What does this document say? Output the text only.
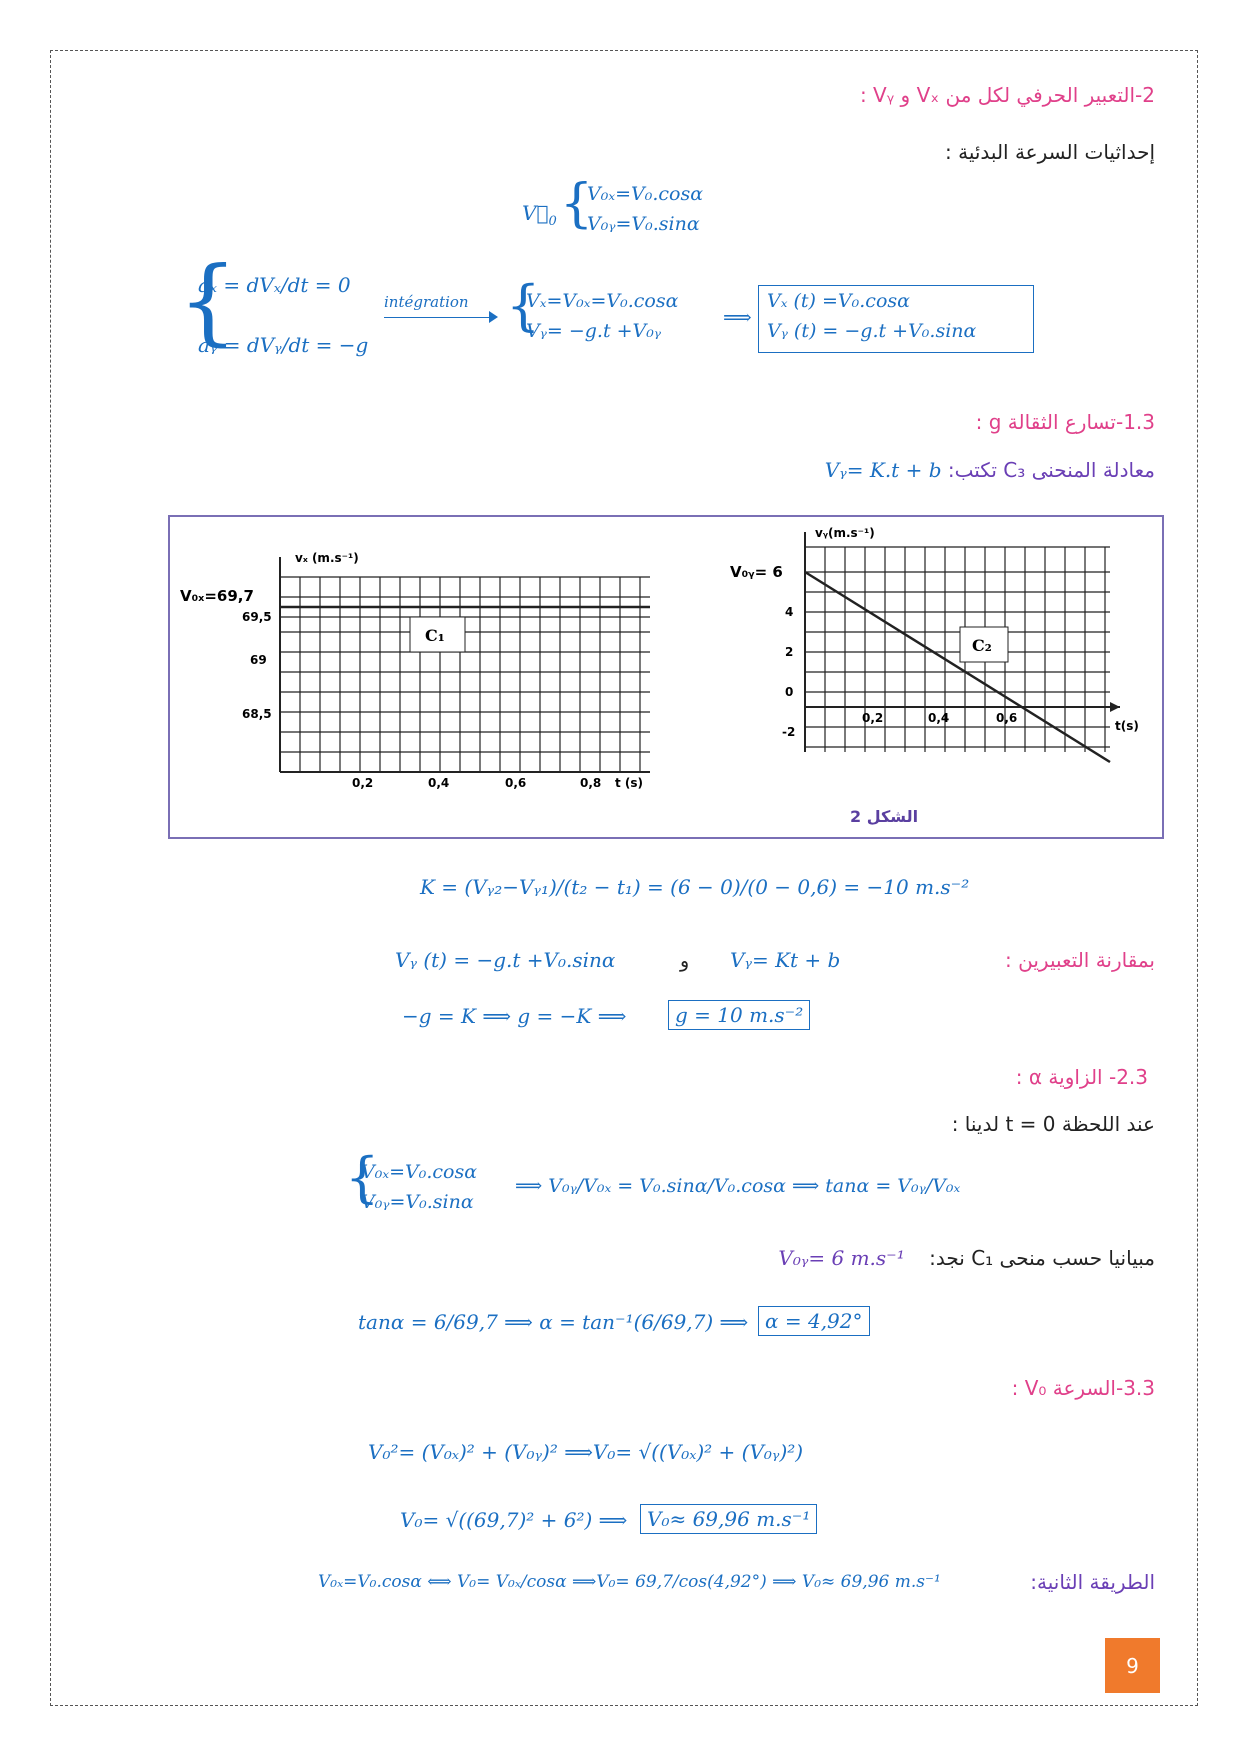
2-التعبير الحرفي لكل من Vₓ و Vᵧ :
إحداثيات السرعة البدئية :
$V⃗_0$ {
V₀ₓ=V₀.cosα
V₀ᵧ=V₀.sinα
{
aₓ = dVₓ/dt = 0
aᵧ = dVᵧ/dt = −g
intégration {
Vₓ=V₀ₓ=V₀.cosα
Vᵧ= −g.t +V₀ᵧ
⟹
Vₓ (t) =V₀.cosα
Vᵧ (t) = −g.t +V₀.sinα
1.3-تسارع الثقالة g :
Vᵧ= K.t + b معادلة المنحنى C₃ تكتب:
C₁
vₓ (m.s⁻¹)
V₀ₓ=69,7
69,5
69
68,5
0,2	0,4	0,6	0,8 t (s)
C₂
vᵧ(m.s⁻¹)
V₀ᵧ= 6
4
2
0
-2
0,2	0,4	0,6
t(s)
الشكل 2
K = (Vᵧ₂−Vᵧ₁)/(t₂ − t₁) = (6 − 0)/(0 − 0,6) = −10 m.s⁻²
بمقارنة التعبيرين :
Vᵧ (t) = −g.t +V₀.sinα	و Vᵧ= Kt + b
−g = K ⟹ g = −K ⟹	g = 10 m.s⁻²
2.3- الزاوية α :
عند اللحظة t = 0 لدينا :
{
V₀ₓ=V₀.cosα
V₀ᵧ=V₀.sinα
⟹ V₀ᵧ/V₀ₓ = V₀.sinα/V₀.cosα ⟹ tanα = V₀ᵧ/V₀ₓ
V₀ᵧ= 6 m.s⁻¹ مبيانيا حسب منحى C₁ نجد:
tanα = 6/69,7 ⟹ α = tan⁻¹(6/69,7) ⟹ α = 4,92°
3.3-السرعة V₀ :
V₀²= (V₀ₓ)² + (V₀ᵧ)² ⟹V₀= √((V₀ₓ)² + (V₀ᵧ)²)
V₀= √((69,7)² + 6²) ⟹ V₀≈ 69,96 m.s⁻¹
الطريقة الثانية:
V₀ₓ=V₀.cosα ⟺ V₀= V₀ₓ/cosα ⟹V₀= 69,7/cos(4,92°) ⟹ V₀≈ 69,96 m.s⁻¹
9
